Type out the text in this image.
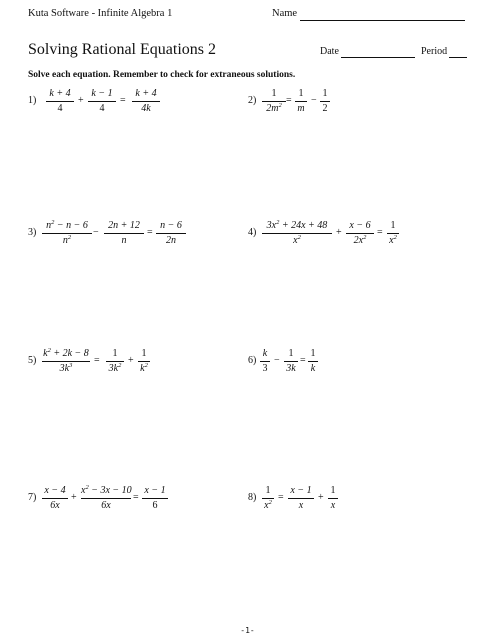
Kuta Software - Infinite Algebra 1	Name
Solving Rational Equations 2	Date	Period
Solve each equation. Remember to check for extraneous solutions.
1)
k + 4
4
+
k − 1
4
=
k + 4
4k
2)
1
$2m^2$ =
1
m
−
1
2
3)
$n^2 - n - 6$
$n^2$	−
2n + 12
n
=
n − 6
2n
4)
$3x^2 + 24x + 48$
$x^2$	+
x − 6
$2x^2$	=
1
$x^2$
5)
$k^2 + 2k - 8$
$3k^3$	=
1
$3k^2$ +
1
$k^2$	6)
k
3
−
1
3k
=
1
k
7)
x − 4
6x
+
$x^2 - 3x - 10$
6x
=
x − 1
6
8)
1
$x^2$ =
x − 1
x
+
1
x
-1-
